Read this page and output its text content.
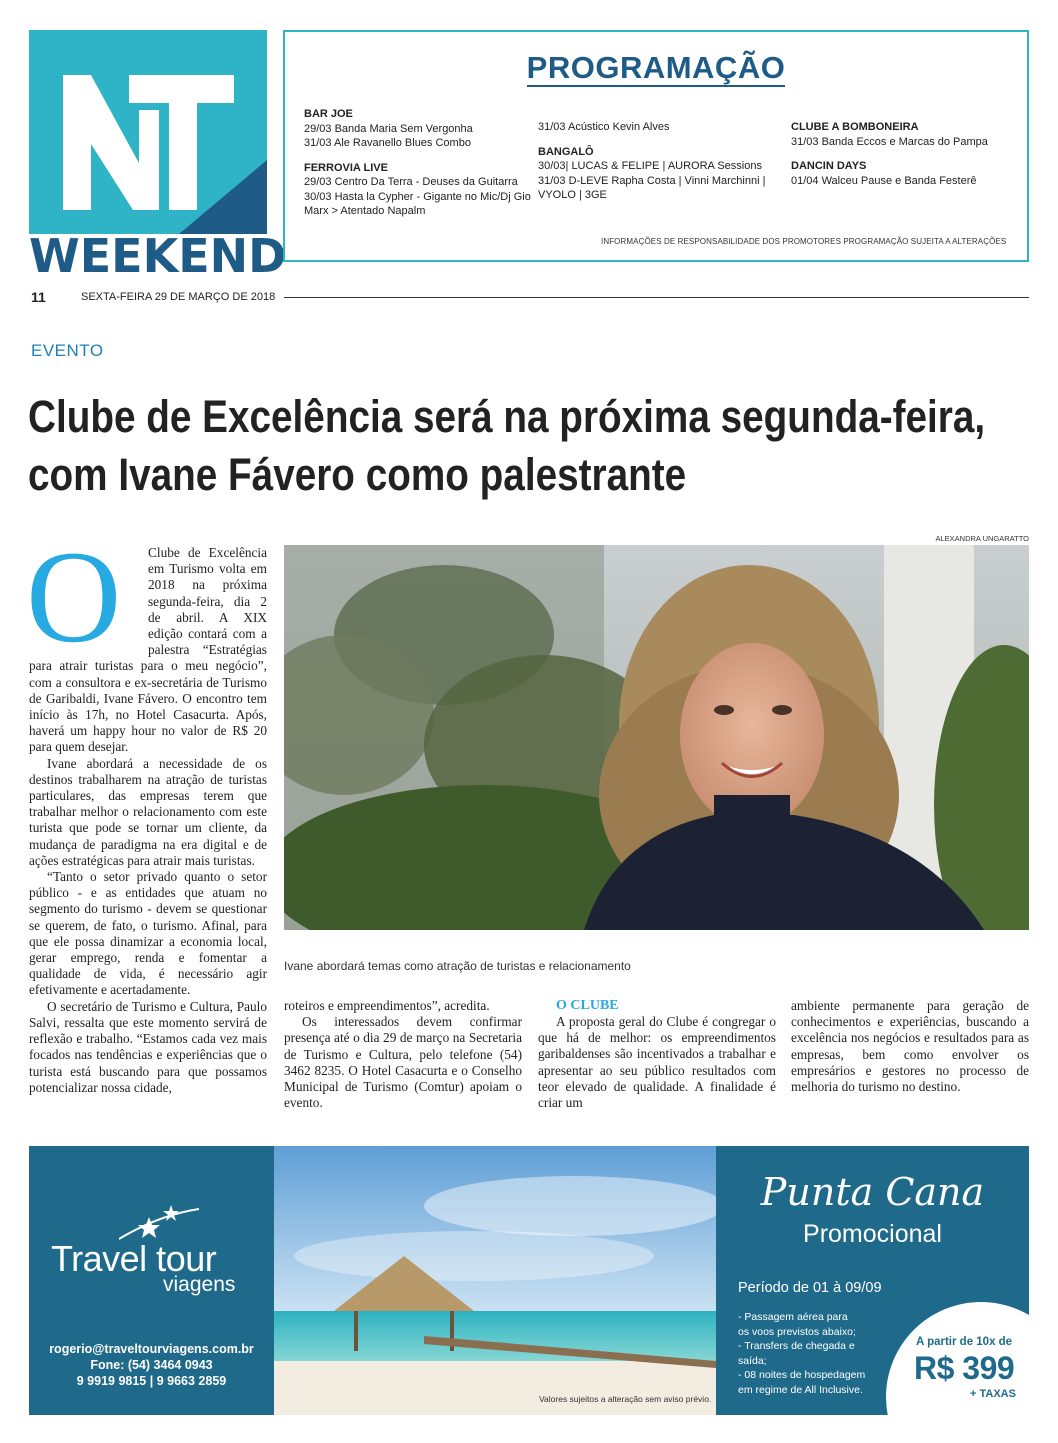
WEEKEND
PROGRAMAÇÃO
BAR JOE
29/03 Banda Maria Sem Vergonha
31/03 Ale Ravanello Blues Combo
FERROVIA LIVE
29/03 Centro Da Terra - Deuses da Guitarra
30/03 Hasta la Cypher - Gigante no Mic/Dj Gio
Marx > Atentado Napalm
31/03 Acústico Kevin Alves
BANGALÔ
30/03| LUCAS & FELIPE | AURORA Sessions
31/03 D-LEVE Rapha Costa | Vinni Marchinni |
VYOLO | 3GE
CLUBE A BOMBONEIRA
31/03 Banda Eccos e Marcas do Pampa
DANCIN DAYS
01/04 Walceu Pause e Banda Festerê
INFORMAÇÕES DE RESPONSABILIDADE DOS PROMOTORES PROGRAMAÇÃO SUJEITA A ALTERAÇÕES
11	SEXTA-FEIRA 29 DE MARÇO DE 2018
EVENTO
Clube de Excelência será na próxima segunda-feira,
com Ivane Fávero como palestrante
O	Clube de Excelência em Turismo volta em 2018 na próxima segunda-feira, dia 2 de abril. A XIX edição contará com a palestra “Estratégias para atrair turistas para o meu negócio”, com a consultora e ex-secretária de Turismo de Garibaldi, Ivane Fávero. O encontro tem início às 17h, no Hotel Casacurta. Após, haverá um happy hour no valor de R$ 20 para quem desejar.

Ivane abordará a necessidade de os destinos trabalharem na atração de turistas particulares, das empresas terem que trabalhar melhor o relacionamento com este turista que pode se tornar um cliente, da mudança de paradigma na era digital e de ações estratégicas para atrair mais turistas.

“Tanto o setor privado quanto o setor público - e as entidades que atuam no segmento do turismo - devem se questionar se querem, de fato, o turismo. Afinal, para que ele possa dinamizar a economia local, gerar emprego, renda e fomentar a qualidade de vida, é necessário agir efetivamente e acertadamente.

O secretário de Turismo e Cultura, Paulo Salvi, ressalta que este momento servirá de reflexão e trabalho. “Estamos cada vez mais focados nas tendências e experiências que o turista está buscando para que possamos potencializar nossa cidade,

ALEXANDRA UNGARATTO
Ivane abordará temas como atração de turistas e relacionamento

roteiros e empreendimentos”, acredita.

Os interessados devem confirmar presença até o dia 29 de março na Secretaria de Turismo e Cultura, pelo telefone (54) 3462 8235. O Hotel Casacurta e o Conselho Municipal de Turismo (Comtur) apoiam o evento.

O CLUBE

A proposta geral do Clube é congregar o que há de melhor: os empreendimentos garibaldenses são incentivados a trabalhar e apresentar ao seu público resultados com teor elevado de qualidade. A finalidade é criar um

ambiente permanente para geração de conhecimentos e experiências, buscando a excelência nos negócios e resultados para as empresas, bem como envolver os empresários e gestores no processo de melhoria do turismo no destino.

Travel tour
viagens
rogerio@traveltourviagens.com.br
Fone: (54) 3464 0943
9 9919 9815 | 9 9663 2859
Valores sujeitos a alteração sem aviso prévio.
Punta Cana
Promocional
Período de 01 à 09/09
- Passagem aérea para
os voos previstos abaixo;
- Transfers de chegada e saída;
- 08 noites de hospedagem
em regime de All Inclusive.
A partir de 10x de
R$ 399
+ TAXAS
